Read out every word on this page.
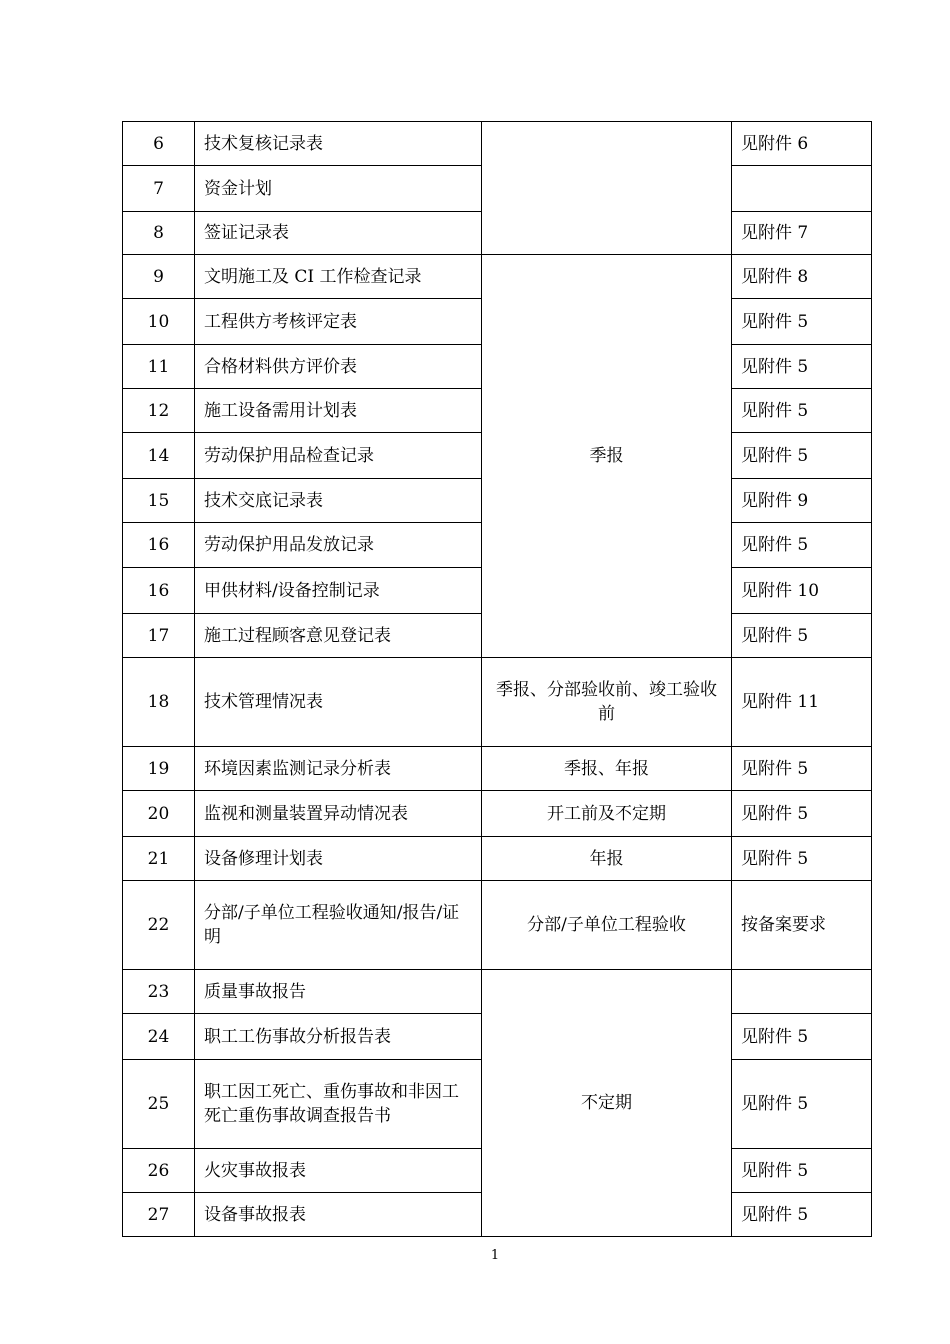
6	技术复核记录表		见附件 6
7	资金计划		
8	签证记录表		见附件 7
9	文明施工及 CI 工作检查记录	季报	见附件 8
10	工程供方考核评定表		见附件 5
11	合格材料供方评价表		见附件 5
12	施工设备需用计划表		见附件 5
14	劳动保护用品检查记录		见附件 5
15	技术交底记录表		见附件 9
16	劳动保护用品发放记录		见附件 5
16	甲供材料/设备控制记录		见附件 10
17	施工过程顾客意见登记表		见附件 5
18	技术管理情况表	季报、分部验收前、竣工验收前	见附件 11
19	环境因素监测记录分析表	季报、年报	见附件 5
20	监视和测量装置异动情况表	开工前及不定期	见附件 5
21	设备修理计划表	年报	见附件 5
22	分部/子单位工程验收通知/报告/证明	分部/子单位工程验收	按备案要求
23	质量事故报告	不定期	
24	职工工伤事故分析报告表		见附件 5
25	职工因工死亡、重伤事故和非因工死亡重伤事故调查报告书		见附件 5
26	火灾事故报表		见附件 5
27	设备事故报表		见附件 5
1
